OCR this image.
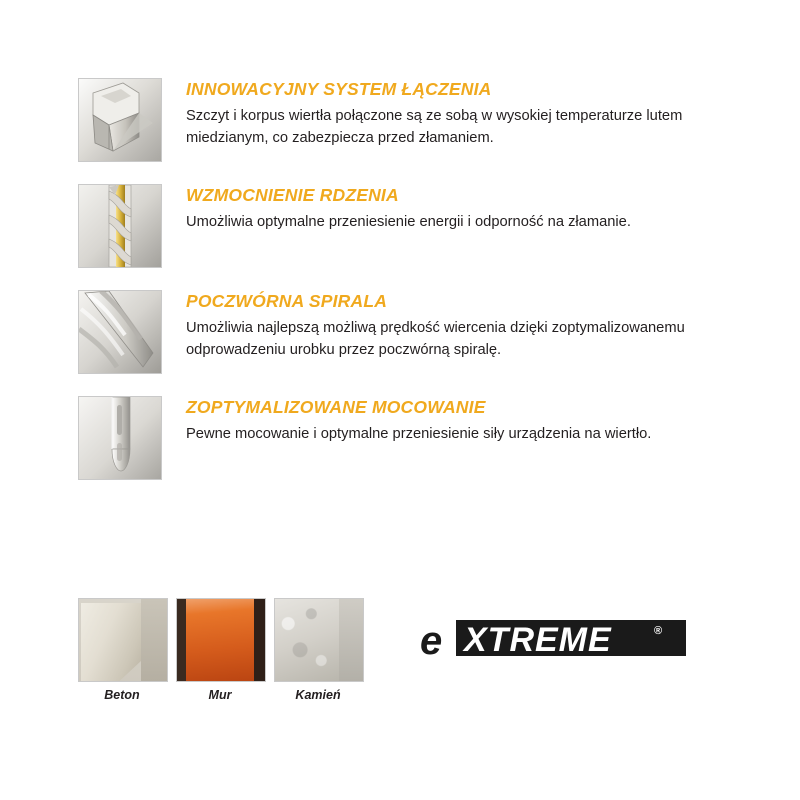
INNOWACYJNY SYSTEM ŁĄCZENIA

Szczyt i korpus wiertła połączone są ze sobą w wysokiej temperaturze lutem miedzianym, co zabezpiecza przed złamaniem.

WZMOCNIENIE RDZENIA

Umożliwia optymalne przeniesienie energii i odporność na złamanie.

POCZWÓRNA SPIRALA

Umożliwia najlepszą możliwą prędkość wiercenia dzięki zoptymalizowanemu odprowadzeniu urobku przez poczwórną spiralę.

ZOPTYMALIZOWANE MOCOWANIE

Pewne mocowanie i optymalne przeniesienie siły urządzenia na wiertło.

Beton	Mur	Kamień
e XTREME	®
